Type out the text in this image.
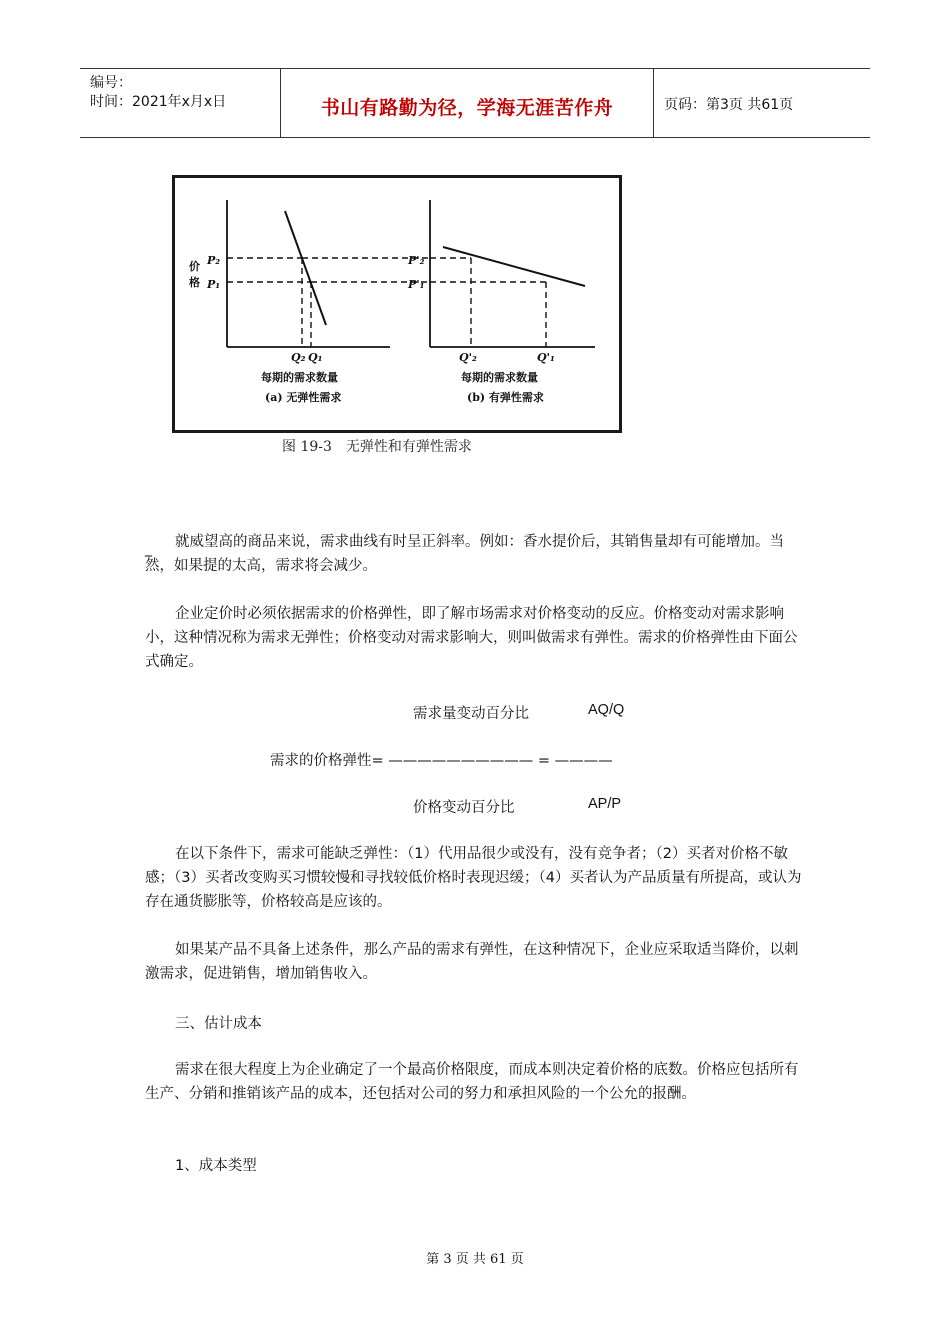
编号：
时间：2021年x月x日	书山有路勤为径，学海无涯苦作舟	页码：第3页 共61页
价
格
P₂
P₁
Q₂ Q₁
每期的需求数量
(a) 无弹性需求
P'₂
P'₁
Q'₂	Q'₁
每期的需求数量
(b) 有弹性需求
图 19-3 无弹性和有弹性需求
_	就威望高的商品来说，需求曲线有时呈正斜率。例如：香水提价后，其销售量却有可能增加。当然，如果提的太高，需求将会减少。
企业定价时必须依据需求的价格弹性，即了解市场需求对价格变动的反应。价格变动对需求影响小，这种情况称为需求无弹性；价格变动对需求影响大，则叫做需求有弹性。需求的价格弹性由下面公式确定。
需求量变动百分比	AQ/Q
需求的价格弹性= —————————— = ————
价格变动百分比	AP/P
在以下条件下，需求可能缺乏弹性：（1）代用品很少或没有，没有竞争者；（2）买者对价格不敏感；（3）买者改变购买习惯较慢和寻找较低价格时表现迟缓；（4）买者认为产品质量有所提高，或认为存在通货膨胀等，价格较高是应该的。
如果某产品不具备上述条件，那么产品的需求有弹性，在这种情况下，企业应采取适当降价，以刺激需求，促进销售，增加销售收入。
三、估计成本
需求在很大程度上为企业确定了一个最高价格限度，而成本则决定着价格的底数。价格应包括所有生产、分销和推销该产品的成本，还包括对公司的努力和承担风险的一个公允的报酬。
1、成本类型
第 3 页 共 61 页
